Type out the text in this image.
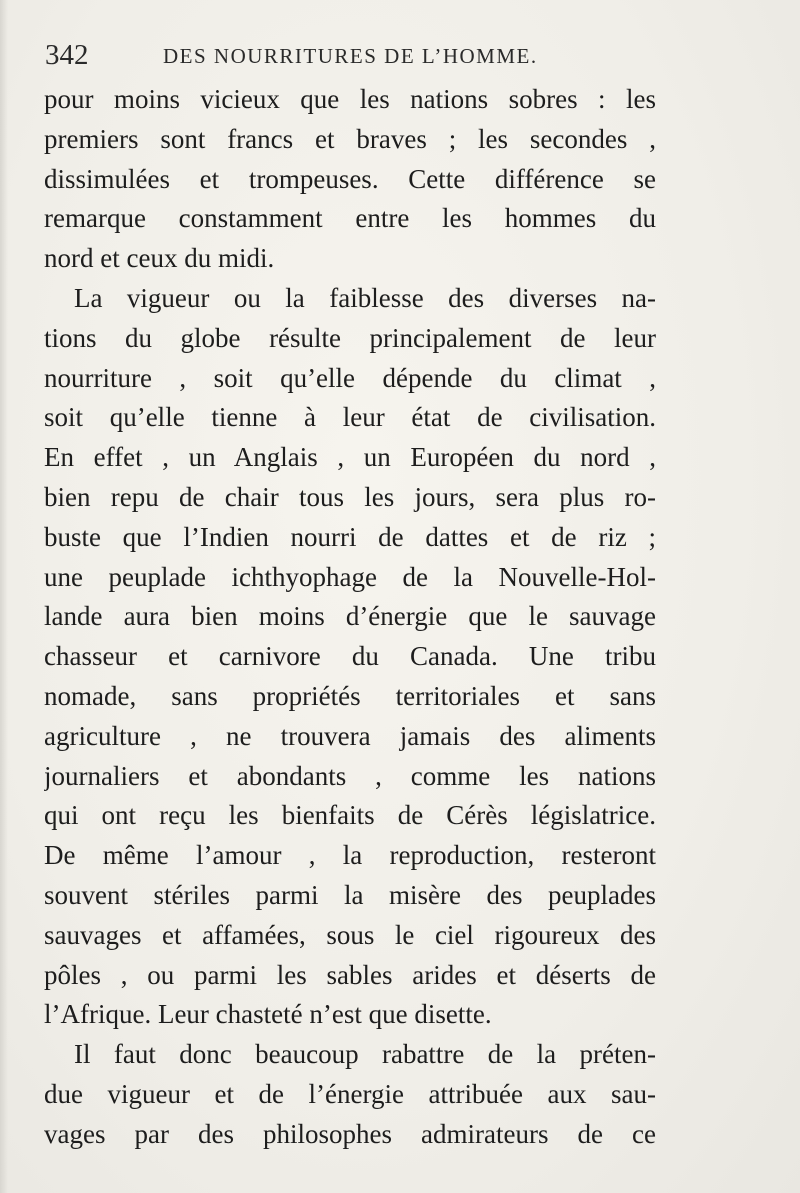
342	DES NOURRITURES DE L’HOMME.
pour moins vicieux que les nations sobres : les
premiers sont francs et braves ; les secondes ,
dissimulées et trompeuses. Cette différence se
remarque constamment entre les hommes du
nord et ceux du midi.
La vigueur ou la faiblesse des diverses na-
tions du globe résulte principalement de leur
nourriture , soit qu’elle dépende du climat ,
soit qu’elle tienne à leur état de civilisation.
En effet , un Anglais , un Européen du nord ,
bien repu de chair tous les jours, sera plus ro-
buste que l’Indien nourri de dattes et de riz ;
une peuplade ichthyophage de la Nouvelle-Hol-
lande aura bien moins d’énergie que le sauvage
chasseur et carnivore du Canada. Une tribu
nomade, sans propriétés territoriales et sans
agriculture , ne trouvera jamais des aliments
journaliers et abondants , comme les nations
qui ont reçu les bienfaits de Cérès législatrice.
De même l’amour , la reproduction, resteront
souvent stériles parmi la misère des peuplades
sauvages et affamées, sous le ciel rigoureux des
pôles , ou parmi les sables arides et déserts de
l’Afrique. Leur chasteté n’est que disette.
Il faut donc beaucoup rabattre de la préten-
due vigueur et de l’énergie attribuée aux sau-
vages par des philosophes admirateurs de ce
